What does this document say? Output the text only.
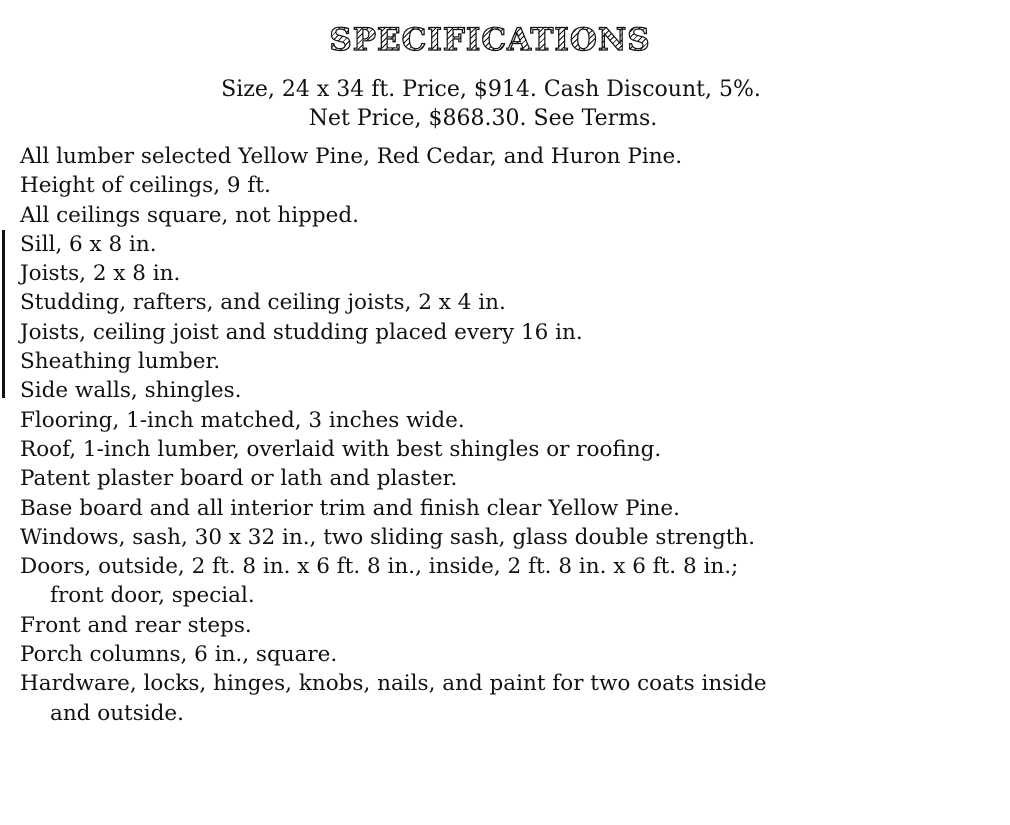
SPECIFICATIONS
Size, 24 x 34 ft. Price, $914. Cash Discount, 5%.
Net Price, $868.30. See Terms.
All lumber selected Yellow Pine, Red Cedar, and Huron Pine.
Height of ceilings, 9 ft.
All ceilings square, not hipped.
Sill, 6 x 8 in.
Joists, 2 x 8 in.
Studding, rafters, and ceiling joists, 2 x 4 in.
Joists, ceiling joist and studding placed every 16 in.
Sheathing lumber.
Side walls, shingles.
Flooring, 1-inch matched, 3 inches wide.
Roof, 1-inch lumber, overlaid with best shingles or roofing.
Patent plaster board or lath and plaster.
Base board and all interior trim and finish clear Yellow Pine.
Windows, sash, 30 x 32 in., two sliding sash, glass double strength.
Doors, outside, 2 ft. 8 in. x 6 ft. 8 in., inside, 2 ft. 8 in. x 6 ft. 8 in.;
front door, special.
Front and rear steps.
Porch columns, 6 in., square.
Hardware, locks, hinges, knobs, nails, and paint for two coats inside
and outside.
